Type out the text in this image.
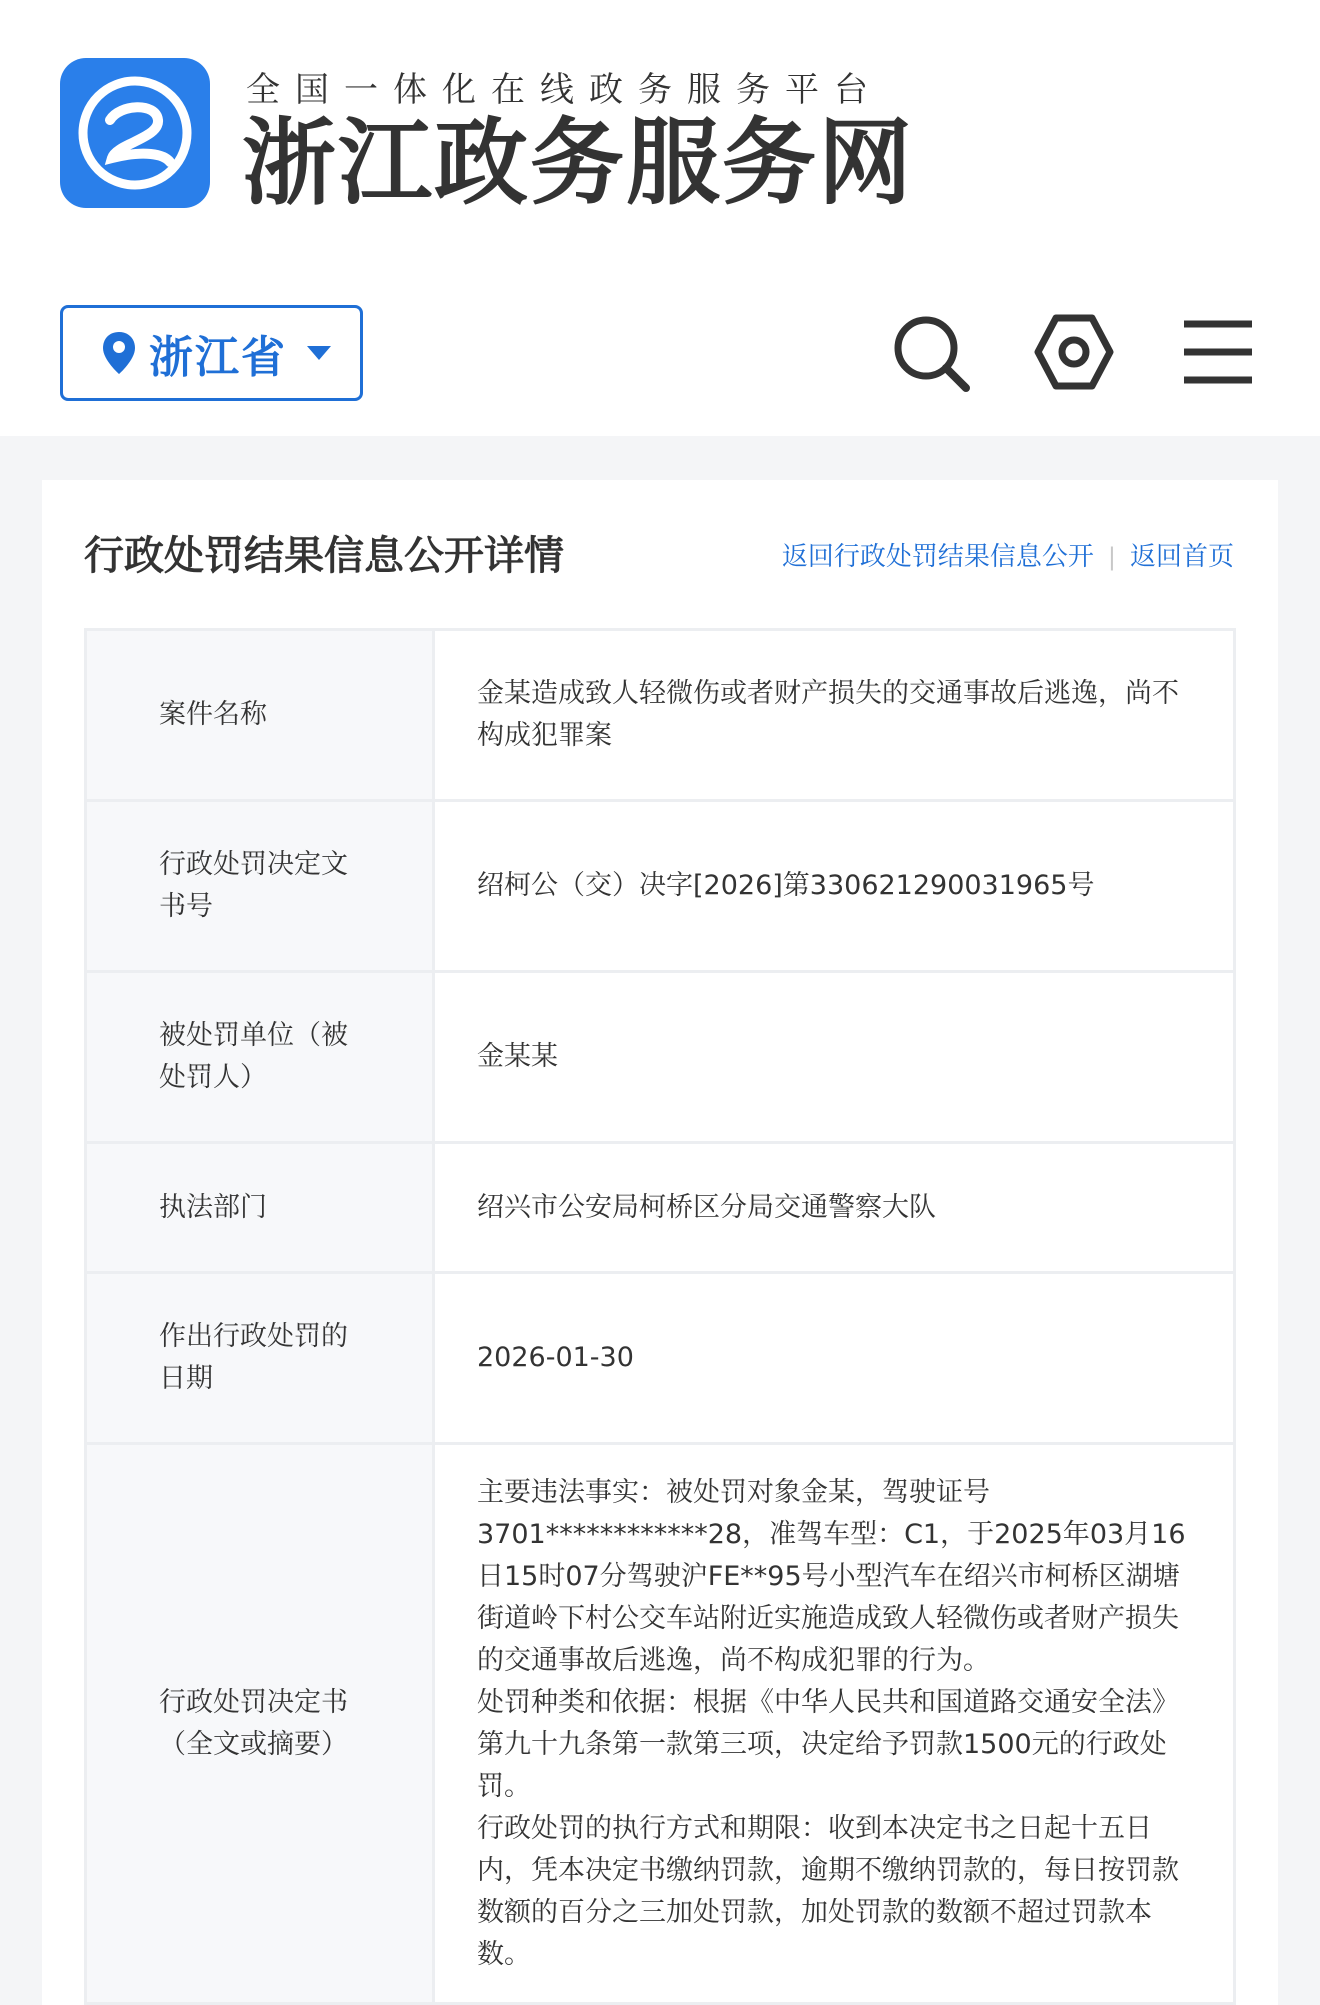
全国一体化在线政务服务平台
浙江政务服务网
浙江省
行政处罚结果信息公开详情	返回行政处罚结果信息公开 | 返回首页
案件名称	金某造成致人轻微伤或者财产损失的交通事故后逃逸，尚不构成犯罪案
行政处罚决定文书号	绍柯公（交）决字[2026]第330621290031965号
被处罚单位（被处罚人）	金某某
执法部门	绍兴市公安局柯桥区分局交通警察大队
作出行政处罚的日期	2026-01-30
行政处罚决定书（全文或摘要）	主要违法事实：被处罚对象金某，驾驶证号3701************28，准驾车型：C1，于2025年03月16日15时07分驾驶沪FE**95号小型汽车在绍兴市柯桥区湖塘街道岭下村公交车站附近实施造成致人轻微伤或者财产损失的交通事故后逃逸，尚不构成犯罪的行为。
处罚种类和依据：根据《中华人民共和国道路交通安全法》第九十九条第一款第三项，决定给予罚款1500元的行政处罚。
行政处罚的执行方式和期限：收到本决定书之日起十五日内，凭本决定书缴纳罚款，逾期不缴纳罚款的，每日按罚款数额的百分之三加处罚款，加处罚款的数额不超过罚款本数。
